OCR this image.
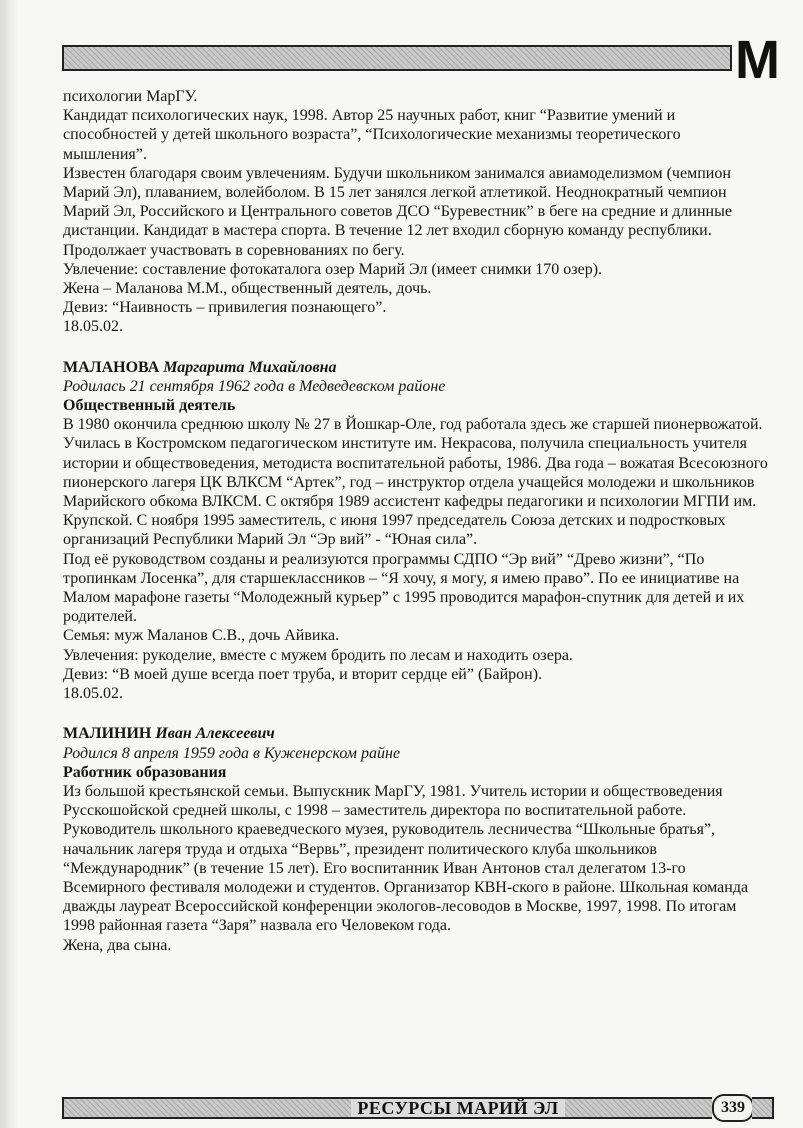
М

психологии МарГУ.

Кандидат психологических наук, 1998. Автор 25 научных работ, книг “Развитие умений и способностей у детей школьного возраста”, “Психологические механизмы теоретического мышления”.

Известен благодаря своим увлечениям. Будучи школьником занимался авиамоделизмом (чемпион Марий Эл), плаванием, волейболом. В 15 лет занялся легкой атлетикой. Неоднократный чемпион Марий Эл, Российского и Центрального советов ДСО “Буревестник” в беге на средние и длинные дистанции. Кандидат в мастера спорта. В течение 12 лет входил сборную команду республики. Продолжает участвовать в соревнованиях по бегу.

Увлечение: составление фотокаталога озер Марий Эл (имеет снимки 170 озер).

Жена – Маланова М.М., общественный деятель, дочь.

Девиз: “Наивность – привилегия познающего”.

18.05.02.

МАЛАНОВА Маргарита Михайловна

Родилась 21 сентября 1962 года в Медведевском районе

Общественный деятель

В 1980 окончила среднюю школу № 27 в Йошкар-Оле, год работала здесь же старшей пионервожатой. Училась в Костромском педагогическом институте им. Некрасова, получила специальность учителя истории и обществоведения, методиста воспитательной работы, 1986. Два года – вожатая Всесоюзного пионерского лагеря ЦК ВЛКСМ “Артек”, год – инструктор отдела учащейся молодежи и школьников Марийского обкома ВЛКСМ. С октября 1989 ассистент кафедры педагогики и психологии МГПИ им. Крупской. С ноября 1995 заместитель, с июня 1997 председатель Союза детских и подростковых организаций Республики Марий Эл “Эр вий” - “Юная сила”.

Под её руководством созданы и реализуются программы СДПО “Эр вий” “Древо жизни”, “По тропинкам Лосенка”, для старшеклассников – “Я хочу, я могу, я имею право”. По ее инициативе на Малом марафоне газеты “Молодежный курьер” с 1995 проводится марафон-спутник для детей и их родителей.

Семья: муж Маланов С.В., дочь Айвика.

Увлечения: рукоделие, вместе с мужем бродить по лесам и находить озера.

Девиз: “В моей душе всегда поет труба, и вторит сердце ей” (Байрон).

18.05.02.

МАЛИНИН Иван Алексеевич

Родился 8 апреля 1959 года в Куженерском райне

Работник образования

Из большой крестьянской семьи. Выпускник МарГУ, 1981. Учитель истории и обществоведения Русскошойской средней школы, с 1998 – заместитель директора по воспитательной работе.

Руководитель школьного краеведческого музея, руководитель лесничества “Школьные братья”, начальник лагеря труда и отдыха “Вервь”, президент политического клуба школьников “Международник” (в течение 15 лет). Его воспитанник Иван Антонов стал делегатом 13-го Всемирного фестиваля молодежи и студентов. Организатор КВН-ского в районе. Школьная команда дважды лауреат Всероссийской конференции экологов-лесоводов в Москве, 1997, 1998. По итогам 1998 районная газета “Заря” назвала его Человеком года.

Жена, два сына.

РЕСУРСЫ МАРИЙ ЭЛ	339
